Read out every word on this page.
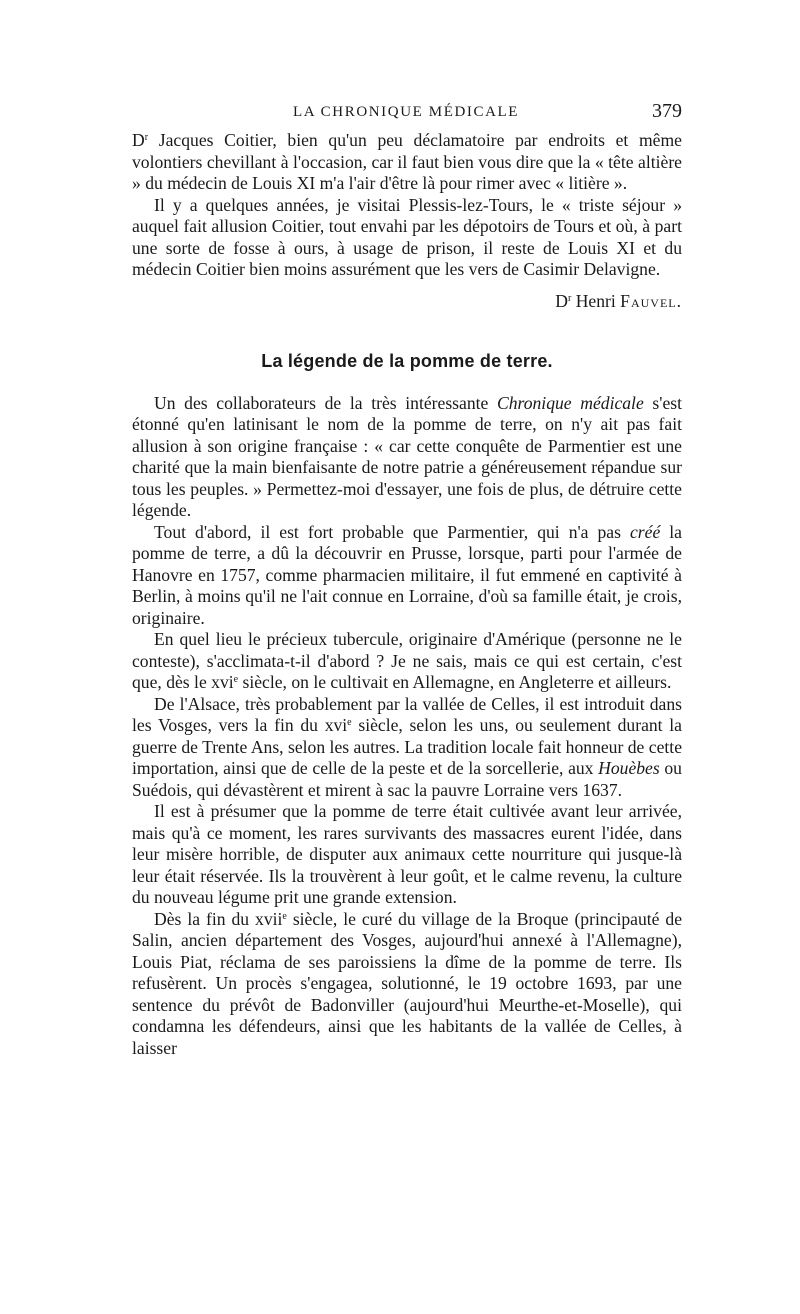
LA CHRONIQUE MÉDICALE	379

$D^r$ Jacques Coitier, bien qu'un peu déclamatoire par endroits et même volontiers chevillant à l'occasion, car il faut bien vous dire que la « tête altière » du médecin de Louis XI m'a l'air d'être là pour rimer avec « litière ».

Il y a quelques années, je visitai Plessis-lez-Tours, le « triste séjour » auquel fait allusion Coitier, tout envahi par les dépotoirs de Tours et où, à part une sorte de fosse à ours, à usage de prison, il reste de Louis XI et du médecin Coitier bien moins assurément que les vers de Casimir Delavigne.

$D^r$ Henri Fauvel.
La légende de la pomme de terre.

Un des collaborateurs de la très intéressante Chronique médicale s'est étonné qu'en latinisant le nom de la pomme de terre, on n'y ait pas fait allusion à son origine française : « car cette conquête de Parmentier est une charité que la main bienfaisante de notre patrie a généreusement répandue sur tous les peuples. » Permettez-moi d'essayer, une fois de plus, de détruire cette légende.

Tout d'abord, il est fort probable que Parmentier, qui n'a pas créé la pomme de terre, a dû la découvrir en Prusse, lorsque, parti pour l'armée de Hanovre en 1757, comme pharmacien militaire, il fut emmené en captivité à Berlin, à moins qu'il ne l'ait connue en Lorraine, d'où sa famille était, je crois, originaire.

En quel lieu le précieux tubercule, originaire d'Amérique (personne ne le conteste), s'acclimata-t-il d'abord ? Je ne sais, mais ce qui est certain, c'est que, dès le xvi$^e$ siècle, on le cultivait en Allemagne, en Angleterre et ailleurs.

De l'Alsace, très probablement par la vallée de Celles, il est introduit dans les Vosges, vers la fin du xvi$^e$ siècle, selon les uns, ou seulement durant la guerre de Trente Ans, selon les autres. La tradition locale fait honneur de cette importation, ainsi que de celle de la peste et de la sorcellerie, aux Houèbes ou Suédois, qui dévastèrent et mirent à sac la pauvre Lorraine vers 1637.

Il est à présumer que la pomme de terre était cultivée avant leur arrivée, mais qu'à ce moment, les rares survivants des massacres eurent l'idée, dans leur misère horrible, de disputer aux animaux cette nourriture qui jusque-là leur était réservée. Ils la trouvèrent à leur goût, et le calme revenu, la culture du nouveau légume prit une grande extension.

Dès la fin du xvii$^e$ siècle, le curé du village de la Broque (principauté de Salin, ancien département des Vosges, aujourd'hui annexé à l'Allemagne), Louis Piat, réclama de ses paroissiens la dîme de la pomme de terre. Ils refusèrent. Un procès s'engagea, solutionné, le 19 octobre 1693, par une sentence du prévôt de Badonviller (aujourd'hui Meurthe-et-Moselle), qui condamna les défendeurs, ainsi que les habitants de la vallée de Celles, à laisser
